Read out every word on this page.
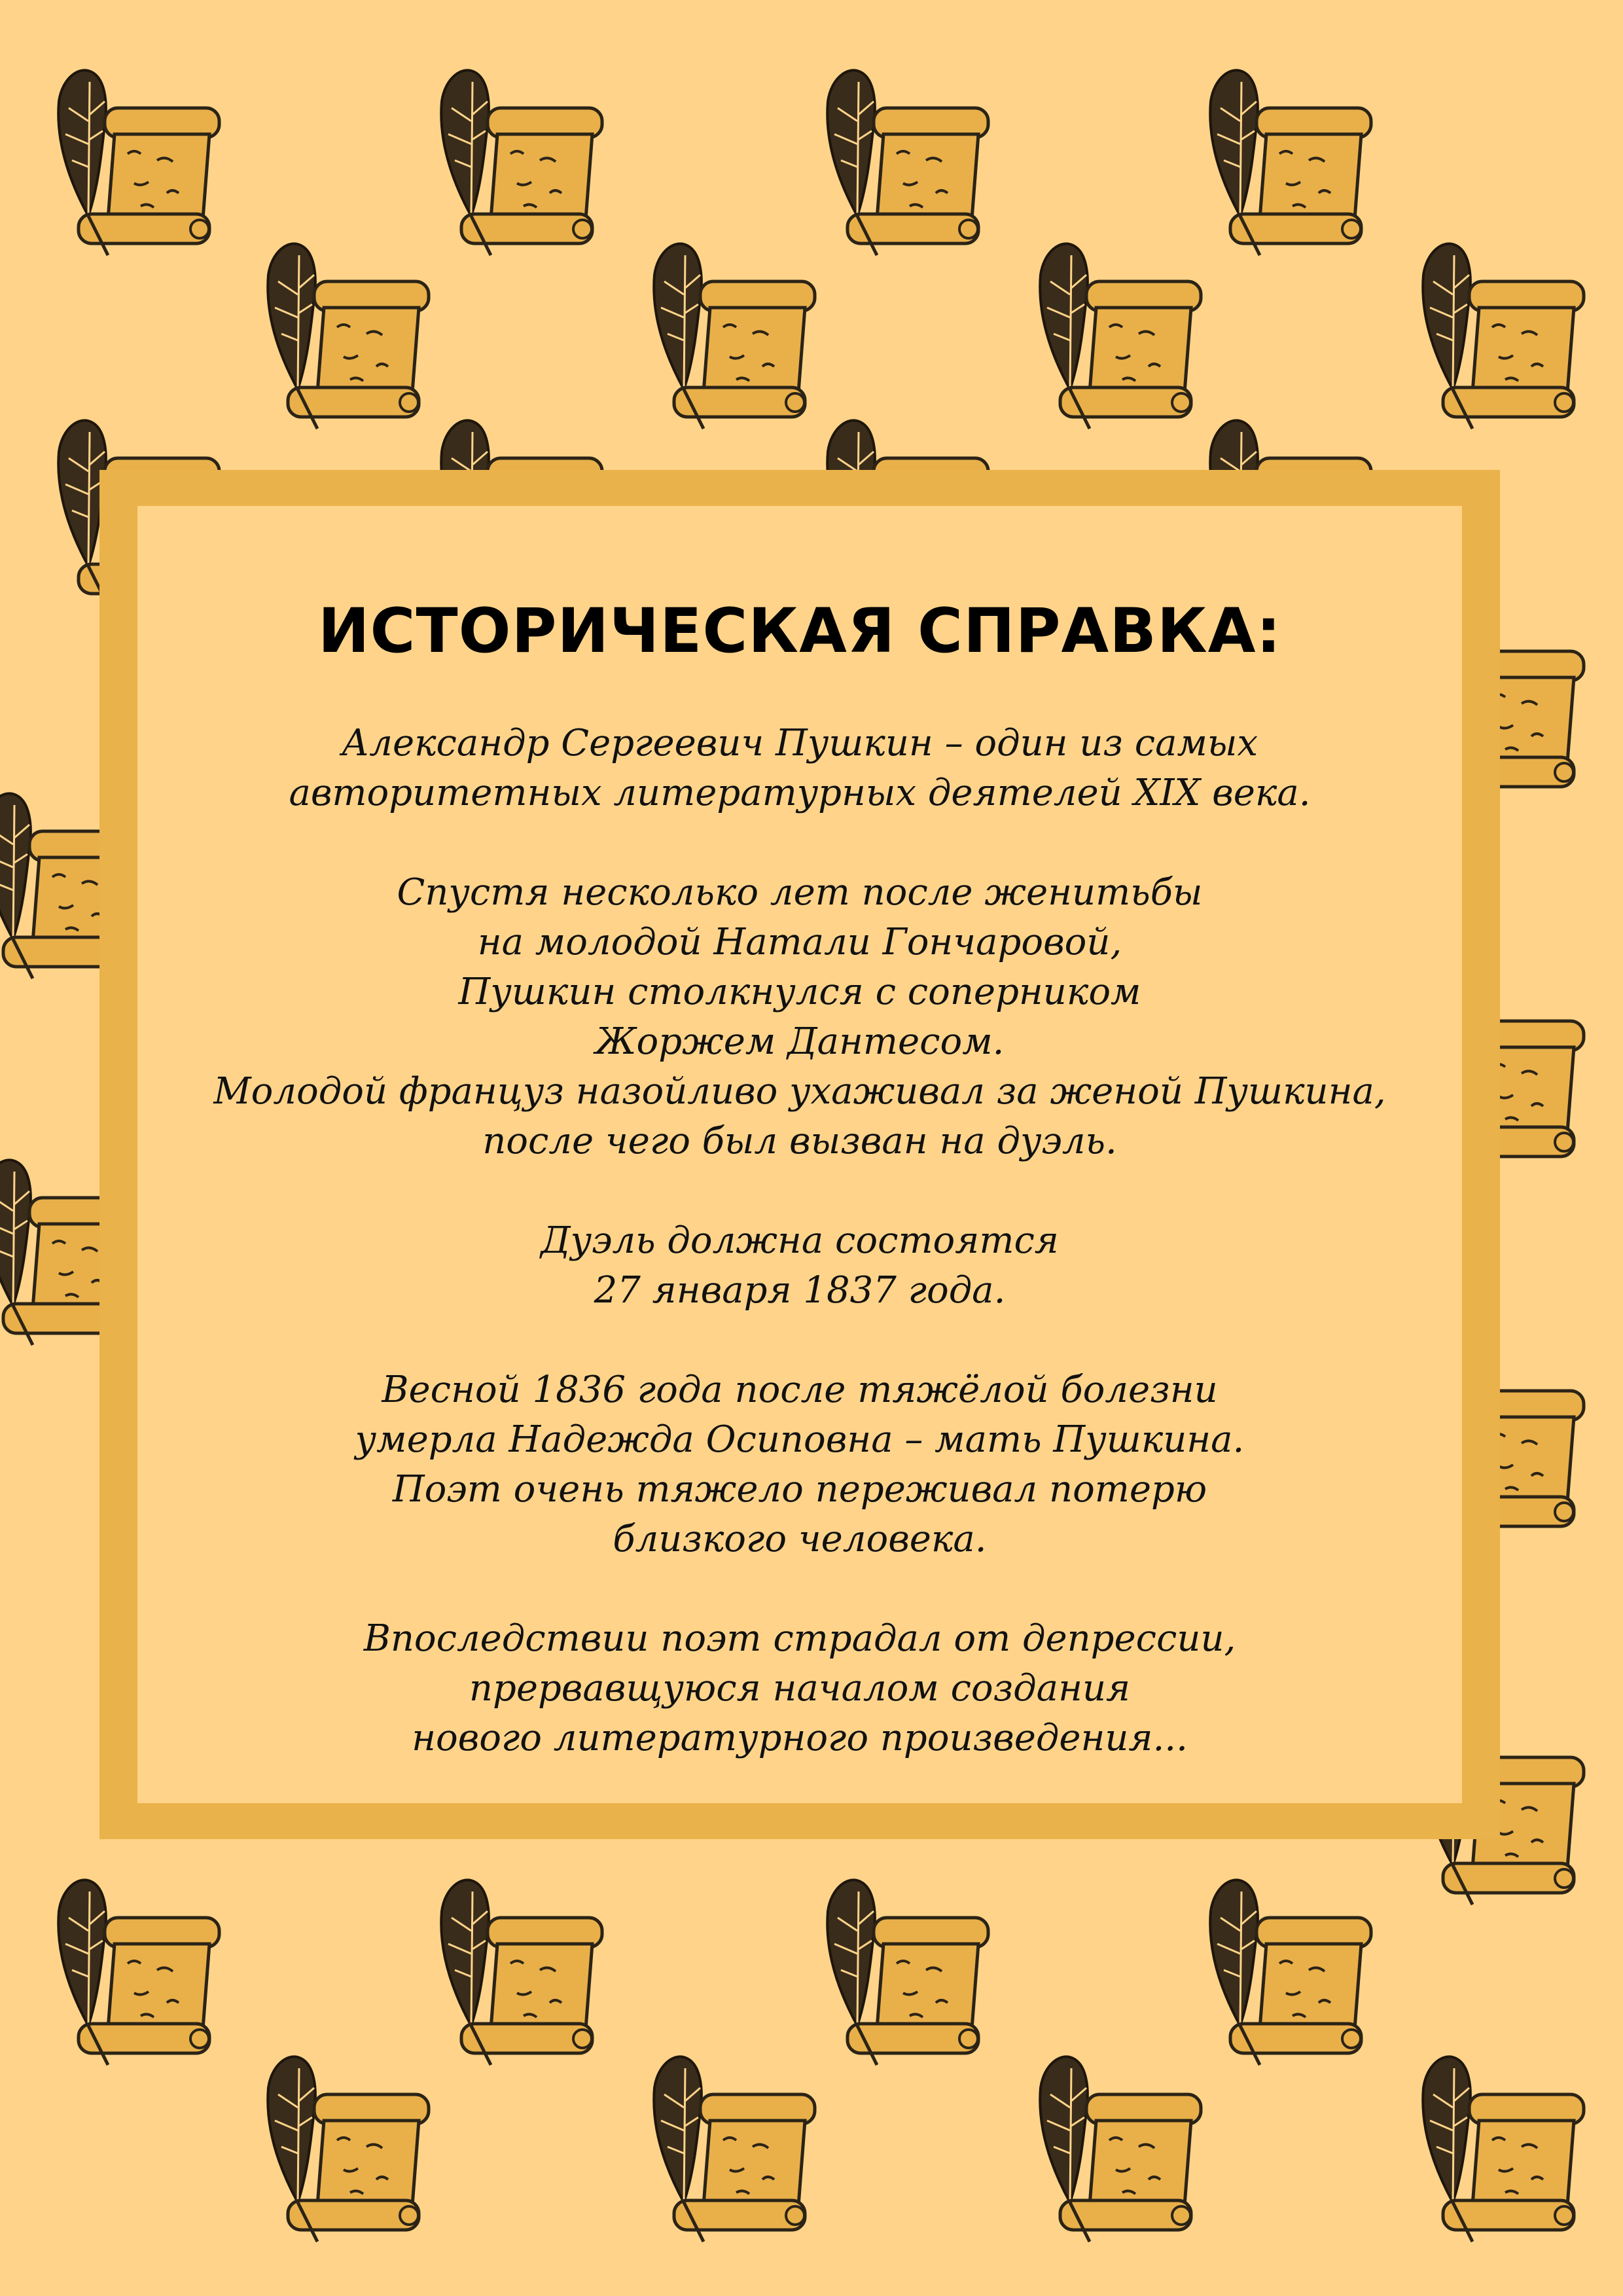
ИСТОРИЧЕСКАЯ СПРАВКА:

Александр Сергеевич Пушкин – один из самых
авторитетных литературных деятелей XIX века.

Спустя несколько лет после женитьбы
на молодой Натали Гончаровой,
Пушкин столкнулся с соперником
Жоржем Дантесом.
Молодой француз назойливо ухаживал за женой Пушкина,
после чего был вызван на дуэль.

Дуэль должна состоятся
27 января 1837 года.

Весной 1836 года после тяжёлой болезни
умерла Надежда Осиповна – мать Пушкина.
Поэт очень тяжело переживал потерю
близкого человека.

Впоследствии поэт страдал от депрессии,
прервавщуюся началом создания
нового литературного произведения...
